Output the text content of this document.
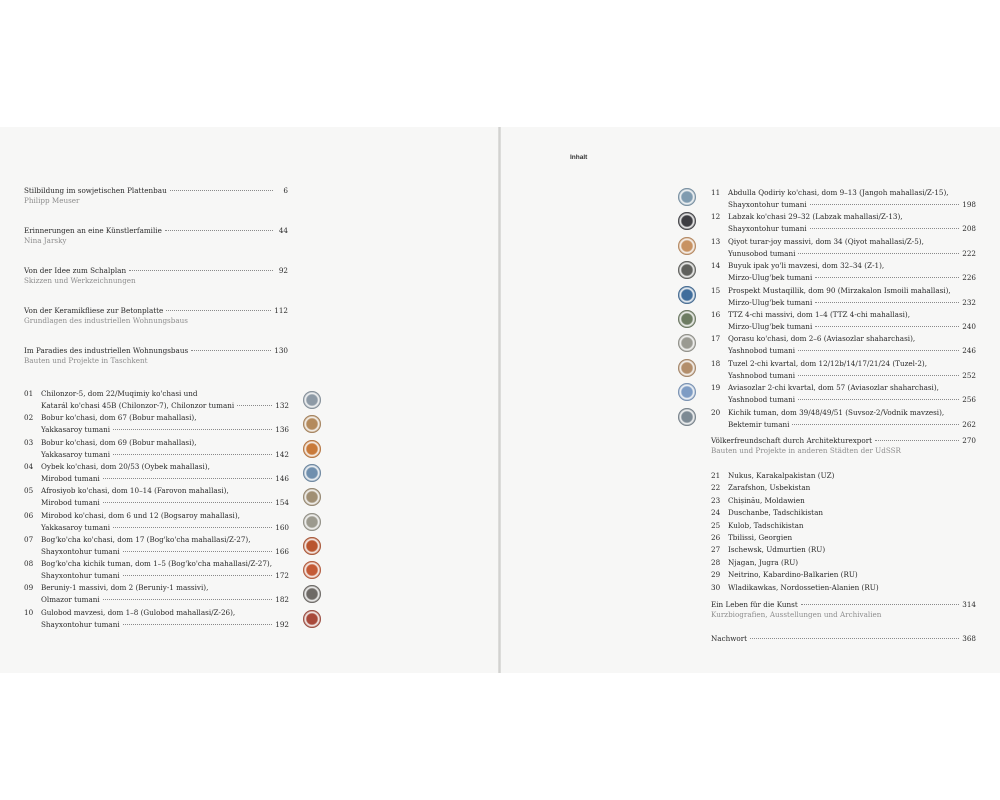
Inhalt
Stilbildung im sowjetischen Plattenbau	6
Philipp Meuser
Erinnerungen an eine Künstlerfamilie	44
Nina Jarsky
Von der Idee zum Schalplan	92
Skizzen und Werkzeichnungen
Von der Keramikfliese zur Betonplatte	112
Grundlagen des industriellen Wohnungsbaus
Im Paradies des industriellen Wohnungsbaus	130
Bauten und Projekte in Taschkent
01 Chilonzor-5, dom 22/Muqimiy ko'chasi und
Katarál ko'chasi 45B (Chilonzor-7), Chilonzor tumani	132
02 Bobur ko'chasi, dom 67 (Bobur mahallasi),
Yakkasaroy tumani	136
03 Bobur ko'chasi, dom 69 (Bobur mahallasi),
Yakkasaroy tumani	142
04 Oybek ko'chasi, dom 20/53 (Oybek mahallasi),
Mirobod tumani	146
05 Afrosiyob ko'chasi, dom 10–14 (Farovon mahallasi),
Mirobod tumani	154
06 Mirobod ko'chasi, dom 6 und 12 (Bogsaroy mahallasi),
Yakkasaroy tumani	160
07 Bog'ko'cha ko'chasi, dom 17 (Bog'ko'cha mahallasi/Z-27),
Shayxontohur tumani	166
08 Bog'ko'cha kichik tuman, dom 1–5 (Bog'ko'cha mahallasi/Z-27),
Shayxontohur tumani	172
09 Beruniy-1 massivi, dom 2 (Beruniy-1 massivi),
Olmazor tumani	182
10 Gulobod mavzesi, dom 1–8 (Gulobod mahallasi/Z-26),
Shayxontohur tumani	192
11 Abdulla Qodiriy ko'chasi, dom 9–13 (Jangoh mahallasi/Z-15),
Shayxontohur tumani	198
12 Labzak ko'chasi 29–32 (Labzak mahallasi/Z-13),
Shayxontohur tumani	208
13 Qiyot turar-joy massivi, dom 34 (Qiyot mahallasi/Z-5),
Yunusobod tumani	222
14 Buyuk ipak yo'li mavzesi, dom 32–34 (Z-1),
Mirzo-Ulug'bek tumani	226
15 Prospekt Mustaqillik, dom 90 (Mirzakalon Ismoili mahallasi),
Mirzo-Ulug'bek tumani	232
16 TTZ 4-chi massivi, dom 1–4 (TTZ 4-chi mahallasi),
Mirzo-Ulug'bek tumani	240
17 Qorasu ko'chasi, dom 2–6 (Aviasozlar shaharchasi),
Yashnobod tumani	246
18 Tuzel 2-chi kvartal, dom 12/12b/14/17/21/24 (Tuzel-2),
Yashnobod tumani	252
19 Aviasozlar 2-chi kvartal, dom 57 (Aviasozlar shaharchasi),
Yashnobod tumani	256
20 Kichik tuman, dom 39/48/49/51 (Suvsoz-2/Vodnik mavzesi),
Bektemir tumani	262
Völkerfreundschaft durch Architekturexport	270
Bauten und Projekte in anderen Städten der UdSSR
21 Nukus, Karakalpakistan (UZ)
22 Zarafshon, Usbekistan
23 Chișinău, Moldawien
24 Duschanbe, Tadschikistan
25 Kulob, Tadschikistan
26 Tbilissi, Georgien
27 Ischewsk, Udmurtien (RU)
28 Njagan, Jugra (RU)
29 Neitrino, Kabardino-Balkarien (RU)
30 Wladikawkas, Nordossetien-Alanien (RU)
Ein Leben für die Kunst	314
Kurzbiografien, Ausstellungen und Archivalien
Nachwort	368
